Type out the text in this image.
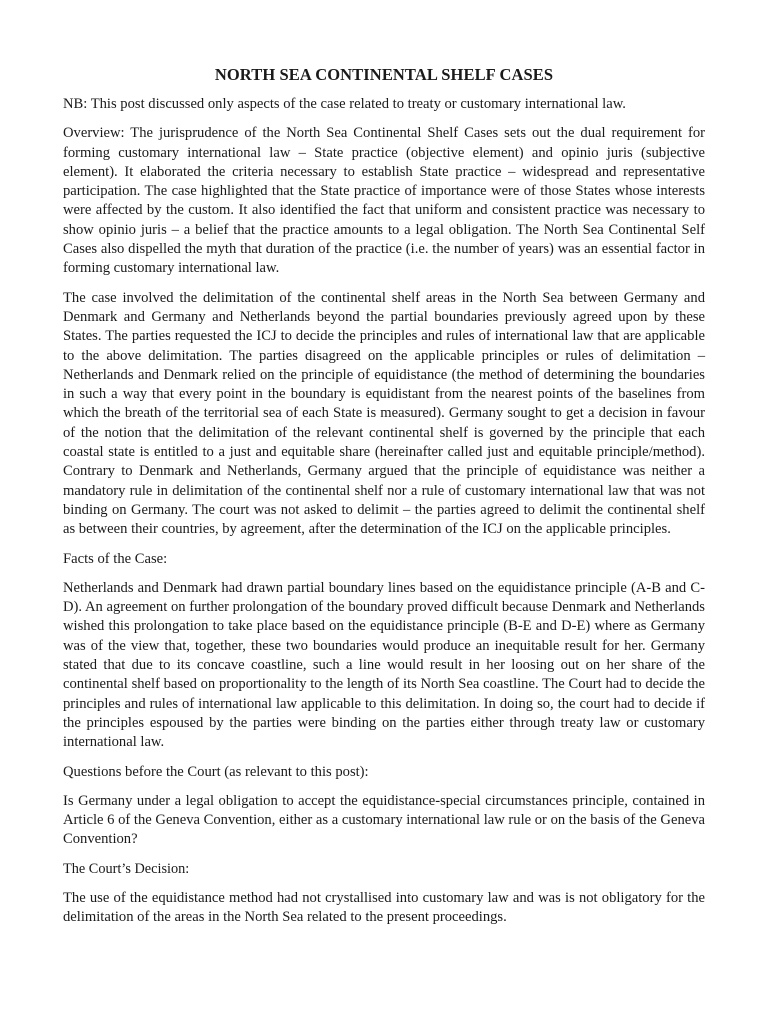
NORTH SEA CONTINENTAL SHELF CASES

NB: This post discussed only aspects of the case related to treaty or customary international law.

Overview: The jurisprudence of the North Sea Continental Shelf Cases sets out the dual requirement for forming customary international law – State practice (objective element) and opinio juris (subjective element). It elaborated the criteria necessary to establish State practice – widespread and representative participation. The case highlighted that the State practice of importance were of those States whose interests were affected by the custom. It also identified the fact that uniform and consistent practice was necessary to show opinio juris – a belief that the practice amounts to a legal obligation. The North Sea Continental Self Cases also dispelled the myth that duration of the practice (i.e. the number of years) was an essential factor in forming customary international law.

The case involved the delimitation of the continental shelf areas in the North Sea between Germany and Denmark and Germany and Netherlands beyond the partial boundaries previously agreed upon by these States. The parties requested the ICJ to decide the principles and rules of international law that are applicable to the above delimitation. The parties disagreed on the applicable principles or rules of delimitation – Netherlands and Denmark relied on the principle of equidistance (the method of determining the boundaries in such a way that every point in the boundary is equidistant from the nearest points of the baselines from which the breath of the territorial sea of each State is measured). Germany sought to get a decision in favour of the notion that the delimitation of the relevant continental shelf is governed by the principle that each coastal state is entitled to a just and equitable share (hereinafter called just and equitable principle/method). Contrary to Denmark and Netherlands, Germany argued that the principle of equidistance was neither a mandatory rule in delimitation of the continental shelf nor a rule of customary international law that was not binding on Germany. The court was not asked to delimit – the parties agreed to delimit the continental shelf as between their countries, by agreement, after the determination of the ICJ on the applicable principles.

Facts of the Case:

Netherlands and Denmark had drawn partial boundary lines based on the equidistance principle (A-B and C-D). An agreement on further prolongation of the boundary proved difficult because Denmark and Netherlands wished this prolongation to take place based on the equidistance principle (B-E and D-E) where as Germany was of the view that, together, these two boundaries would produce an inequitable result for her. Germany stated that due to its concave coastline, such a line would result in her loosing out on her share of the continental shelf based on proportionality to the length of its North Sea coastline. The Court had to decide the principles and rules of international law applicable to this delimitation. In doing so, the court had to decide if the principles espoused by the parties were binding on the parties either through treaty law or customary international law.

Questions before the Court (as relevant to this post):

Is Germany under a legal obligation to accept the equidistance-special circumstances principle, contained in Article 6 of the Geneva Convention, either as a customary international law rule or on the basis of the Geneva Convention?

The Court’s Decision:

The use of the equidistance method had not crystallised into customary law and was is not obligatory for the delimitation of the areas in the North Sea related to the present proceedings.
